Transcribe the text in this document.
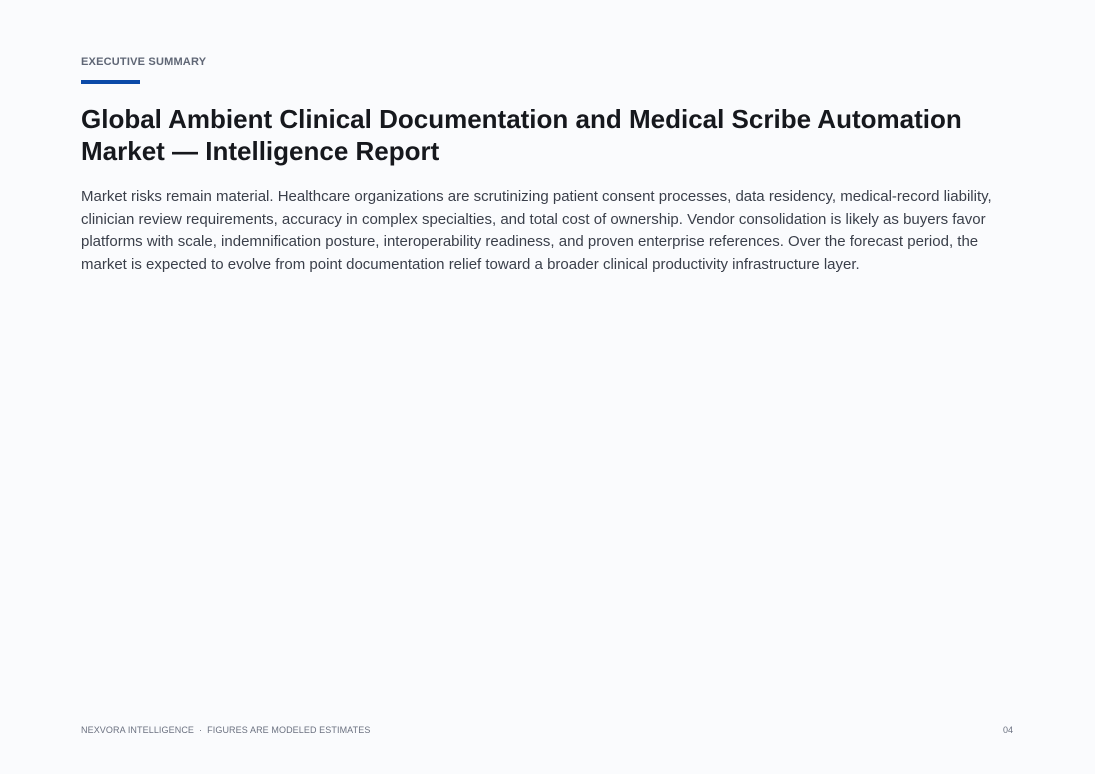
EXECUTIVE SUMMARY
Global Ambient Clinical Documentation and Medical Scribe Automation Market — Intelligence Report

Market risks remain material. Healthcare organizations are scrutinizing patient consent processes, data residency, medical-record liability, clinician review requirements, accuracy in complex specialties, and total cost of ownership. Vendor consolidation is likely as buyers favor platforms with scale, indemnification posture, interoperability readiness, and proven enterprise references. Over the forecast period, the market is expected to evolve from point documentation relief toward a broader clinical productivity infrastructure layer.

NEXVORA INTELLIGENCE · FIGURES ARE MODELED ESTIMATES	04
